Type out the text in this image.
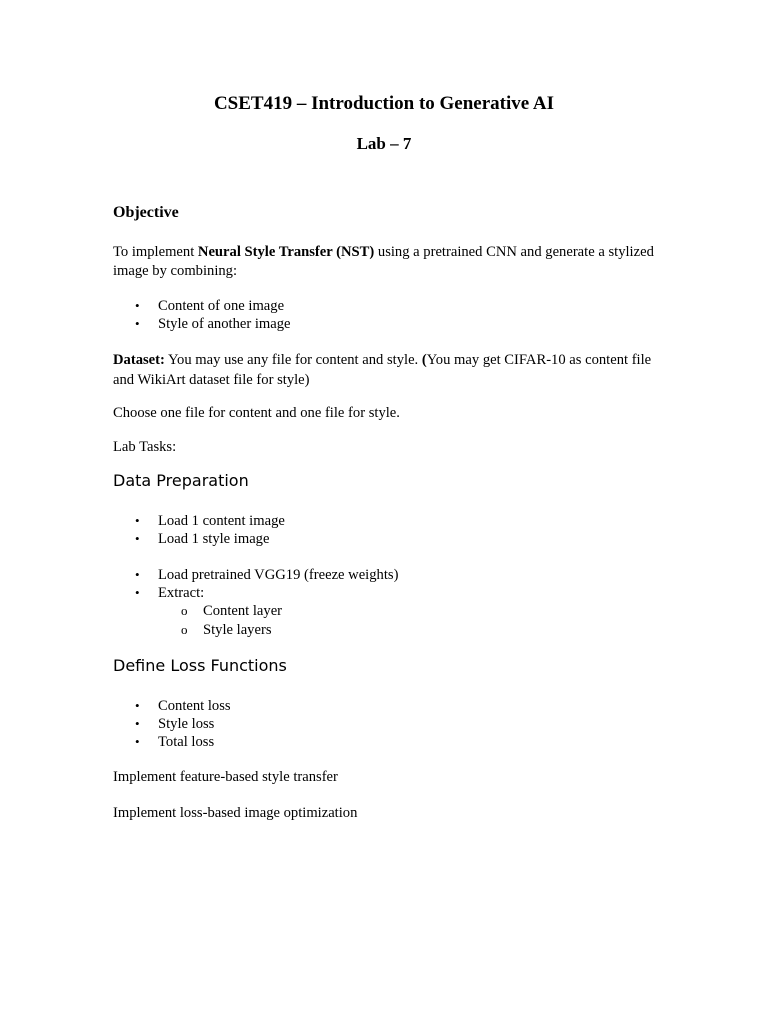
CSET419 – Introduction to Generative AI
Lab – 7
Objective

To implement Neural Style Transfer (NST) using a pretrained CNN and generate a stylized image by combining:

• Content of one image
• Style of another image

Dataset: You may use any file for content and style. (You may get CIFAR-10 as content file and WikiArt dataset file for style)

Choose one file for content and one file for style.

Lab Tasks:

Data Preparation
• Load 1 content image
• Load 1 style image
• Load pretrained VGG19 (freeze weights)
• Extract:
o Content layer
o Style layers
Define Loss Functions
• Content loss
• Style loss
• Total loss

Implement feature-based style transfer

Implement loss-based image optimization
